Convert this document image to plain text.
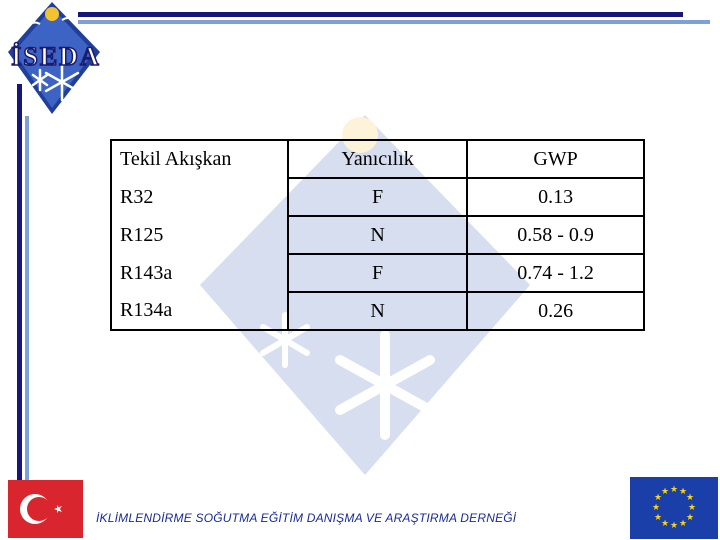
İSEDA
Tekil Akışkan	Yanıcılık	GWP
R32	F	0.13
R125	N	0.58 - 0.9
R143a	F	0.74 - 1.2
R134a	N	0.26
İKLİMLENDİRME SOĞUTMA EĞİTİM DANIŞMA VE ARAŞTIRMA DERNEĞİ
★ ★
★
★
★
★
★
★
★
★
★
★
